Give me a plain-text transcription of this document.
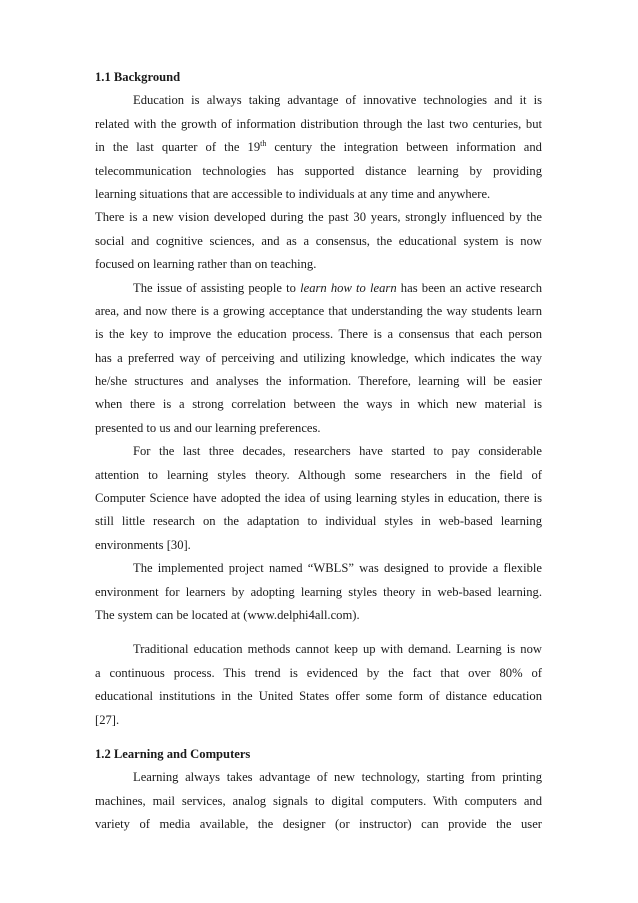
1.1 Background
Education is always taking advantage of innovative technologies and it is
related with the growth of information distribution through the last two centuries, but
in the last quarter of the 19th century the integration between information and
telecommunication technologies has supported distance learning by providing
learning situations that are accessible to individuals at any time and anywhere.
There is a new vision developed during the past 30 years, strongly influenced by the
social and cognitive sciences, and as a consensus, the educational system is now
focused on learning rather than on teaching.
The issue of assisting people to learn how to learn has been an active research
area, and now there is a growing acceptance that understanding the way students learn
is the key to improve the education process. There is a consensus that each person
has a preferred way of perceiving and utilizing knowledge, which indicates the way
he/she structures and analyses the information. Therefore, learning will be easier
when there is a strong correlation between the ways in which new material is
presented to us and our learning preferences.
For the last three decades, researchers have started to pay considerable
attention to learning styles theory. Although some researchers in the field of
Computer Science have adopted the idea of using learning styles in education, there is
still little research on the adaptation to individual styles in web-based learning
environments [30].
The implemented project named “WBLS” was designed to provide a flexible
environment for learners by adopting learning styles theory in web-based learning.
The system can be located at (www.delphi4all.com).
Traditional education methods cannot keep up with demand. Learning is now
a continuous process. This trend is evidenced by the fact that over 80% of
educational institutions in the United States offer some form of distance education
[27].
1.2 Learning and Computers
Learning always takes advantage of new technology, starting from printing
machines, mail services, analog signals to digital computers. With computers and
variety of media available, the designer (or instructor) can provide the user
